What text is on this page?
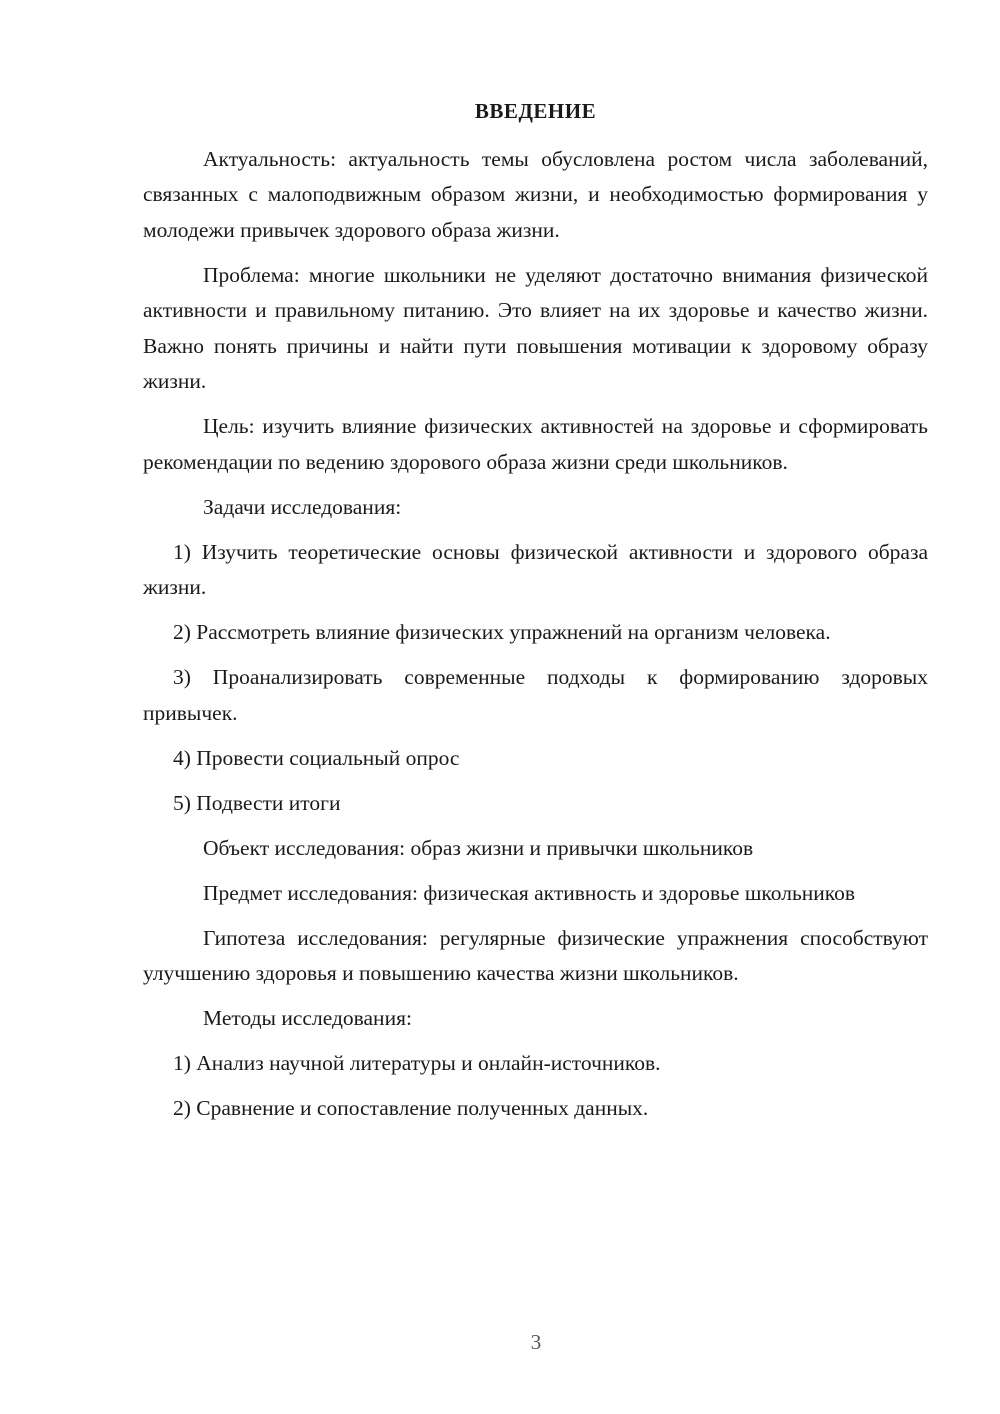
ВВЕДЕНИЕ

Актуальность: актуальность темы обусловлена ростом числа заболеваний, связанных с малоподвижным образом жизни, и необходимостью формирования у молодежи привычек здорового образа жизни.

Проблема: многие школьники не уделяют достаточно внимания физической активности и правильному питанию. Это влияет на их здоровье и качество жизни. Важно понять причины и найти пути повышения мотивации к здоровому образу жизни.

Цель: изучить влияние физических активностей на здоровье и сформировать рекомендации по ведению здорового образа жизни среди школьников.

Задачи исследования:

1) Изучить теоретические основы физической активности и здорового образа жизни.

2) Рассмотреть влияние физических упражнений на организм человека.

3) Проанализировать современные подходы к формированию здоровых привычек.

4) Провести социальный опрос

5) Подвести итоги

Объект исследования: образ жизни и привычки школьников

Предмет исследования: физическая активность и здоровье школьников

Гипотеза исследования: регулярные физические упражнения способствуют улучшению здоровья и повышению качества жизни школьников.

Методы исследования:

1) Анализ научной литературы и онлайн-источников.

2) Сравнение и сопоставление полученных данных.

3
